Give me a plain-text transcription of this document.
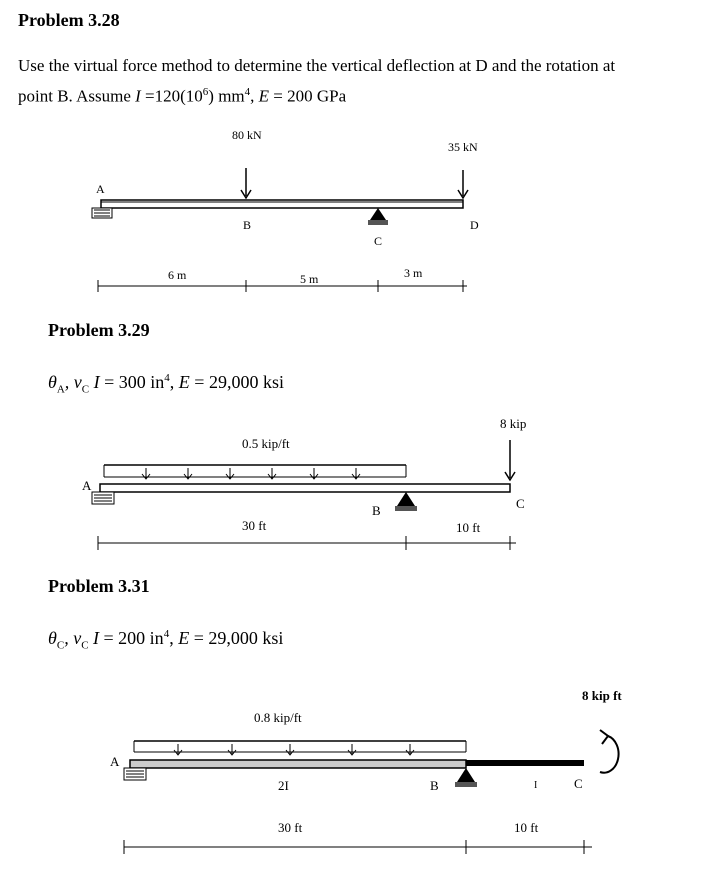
Problem 3.28
Use the virtual force method to determine the vertical deflection at D and the rotation at
point B. Assume $I =120(10^6)$ $mm^4$, E = 200 GPa
80 kN
35 kN
A
B
C
D
6 m	5 m	3 m
Problem 3.29
$\theta_A$, $v_C$ I = 300 $in^4$, E = 29,000 ksi
0.5 kip/ft
8 kip
A
B	C
30 ft	10 ft
Problem 3.31
$\theta_C$, $v_C$ I = 200 $in^4$, E = 29,000 ksi
0.8 kip/ft
8 kip ft
A
B	C
2I	I
30 ft	10 ft
